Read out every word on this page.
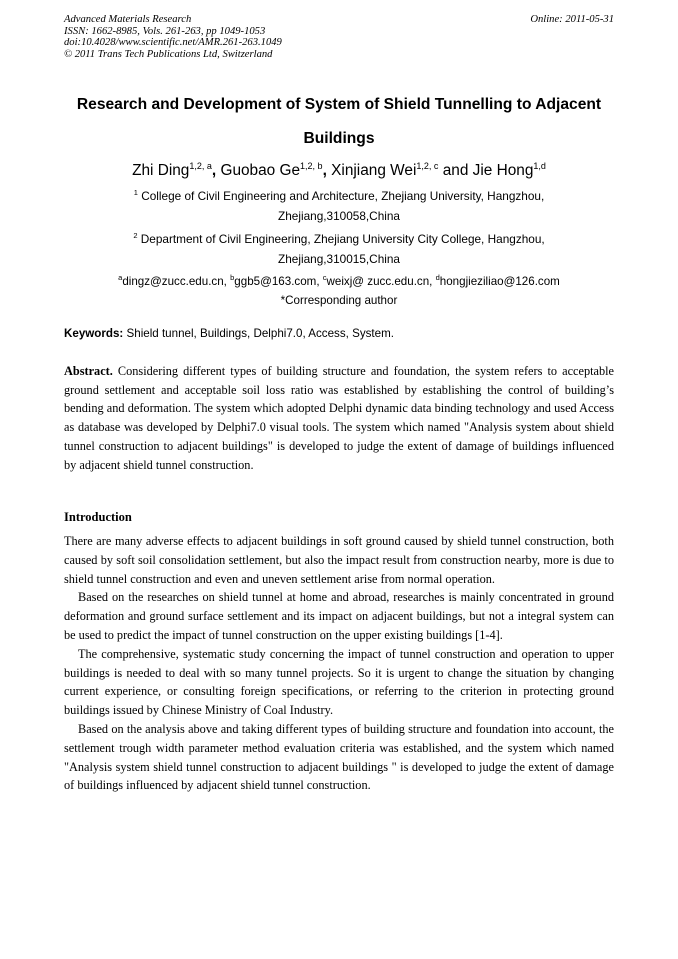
Advanced Materials Research
ISSN: 1662-8985, Vols. 261-263, pp 1049-1053
doi:10.4028/www.scientific.net/AMR.261-263.1049
© 2011 Trans Tech Publications Ltd, Switzerland
Online: 2011-05-31
Research and Development of System of Shield Tunnelling to Adjacent Buildings
Zhi Ding$^{1,2, a}$, Guobao Ge$^{1,2, b}$, Xinjiang Wei$^{1,2, c}$ and Jie Hong$^{1,d}$
$^1$ College of Civil Engineering and Architecture, Zhejiang University, Hangzhou, Zhejiang,310058,China
$^2$ Department of Civil Engineering, Zhejiang University City College, Hangzhou, Zhejiang,310015,China
$^a$dingz@zucc.edu.cn, $^b$ggb5@163.com, $^c$weixj@ zucc.edu.cn, $^d$hongjieziliao@126.com
*Corresponding author
Keywords: Shield tunnel, Buildings, Delphi7.0, Access, System.
Abstract. Considering different types of building structure and foundation, the system refers to acceptable ground settlement and acceptable soil loss ratio was established by establishing the control of building’s bending and deformation. The system which adopted Delphi dynamic data binding technology and used Access as database was developed by Delphi7.0 visual tools. The system which named "Analysis system about shield tunnel construction to adjacent buildings" is developed to judge the extent of damage of buildings influenced by adjacent shield tunnel construction.
Introduction

There are many adverse effects to adjacent buildings in soft ground caused by shield tunnel construction, both caused by soft soil consolidation settlement, but also the impact result from construction nearby, more is due to shield tunnel construction and even and uneven settlement arise from normal operation.

Based on the researches on shield tunnel at home and abroad, researches is mainly concentrated in ground deformation and ground surface settlement and its impact on adjacent buildings, but not a integral system can be used to predict the impact of tunnel construction on the upper existing buildings [1-4].

The comprehensive, systematic study concerning the impact of tunnel construction and operation to upper buildings is needed to deal with so many tunnel projects. So it is urgent to change the situation by changing current experience, or consulting foreign specifications, or referring to the criterion in protecting ground buildings issued by Chinese Ministry of Coal Industry.

Based on the analysis above and taking different types of building structure and foundation into account, the settlement trough width parameter method evaluation criteria was established, and the system which named "Analysis system shield tunnel construction to adjacent buildings " is developed to judge the extent of damage of buildings influenced by adjacent shield tunnel construction.
